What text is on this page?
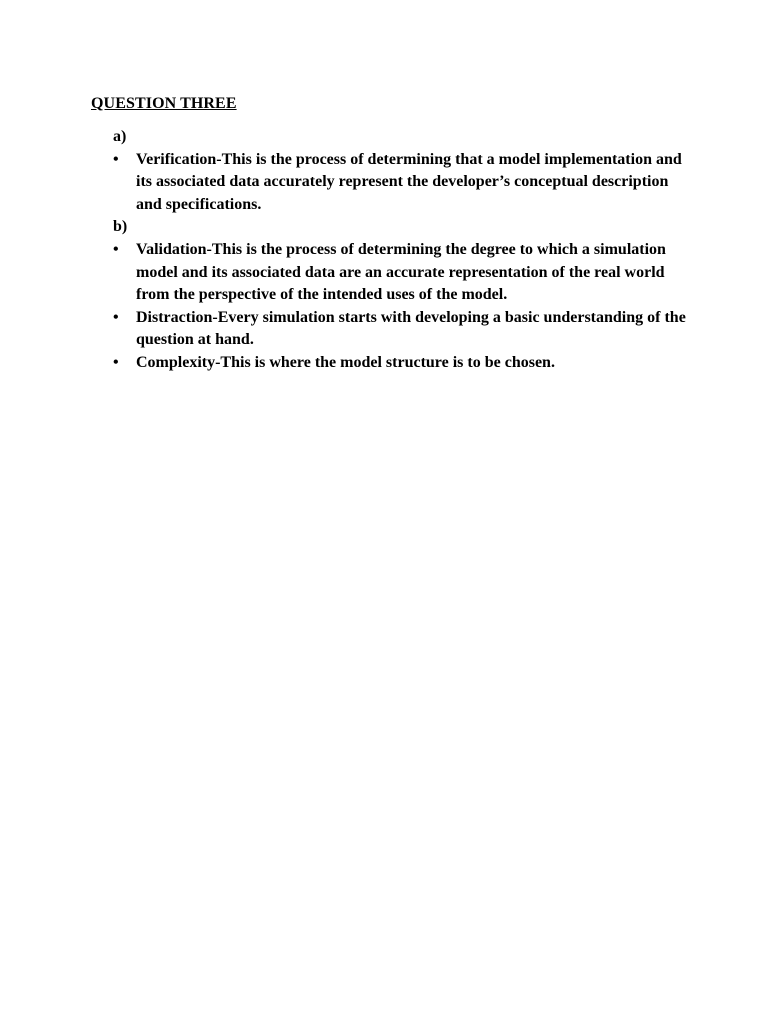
QUESTION THREE

a)

• Verification-This is the process of determining that a model implementation and its associated data accurately represent the developer’s conceptual description and specifications.

b)

• Validation-This is the process of determining the degree to which a simulation model and its associated data are an accurate representation of the real world from the perspective of the intended uses of the model.
• Distraction-Every simulation starts with developing a basic understanding of the question at hand.
• Complexity-This is where the model structure is to be chosen.
